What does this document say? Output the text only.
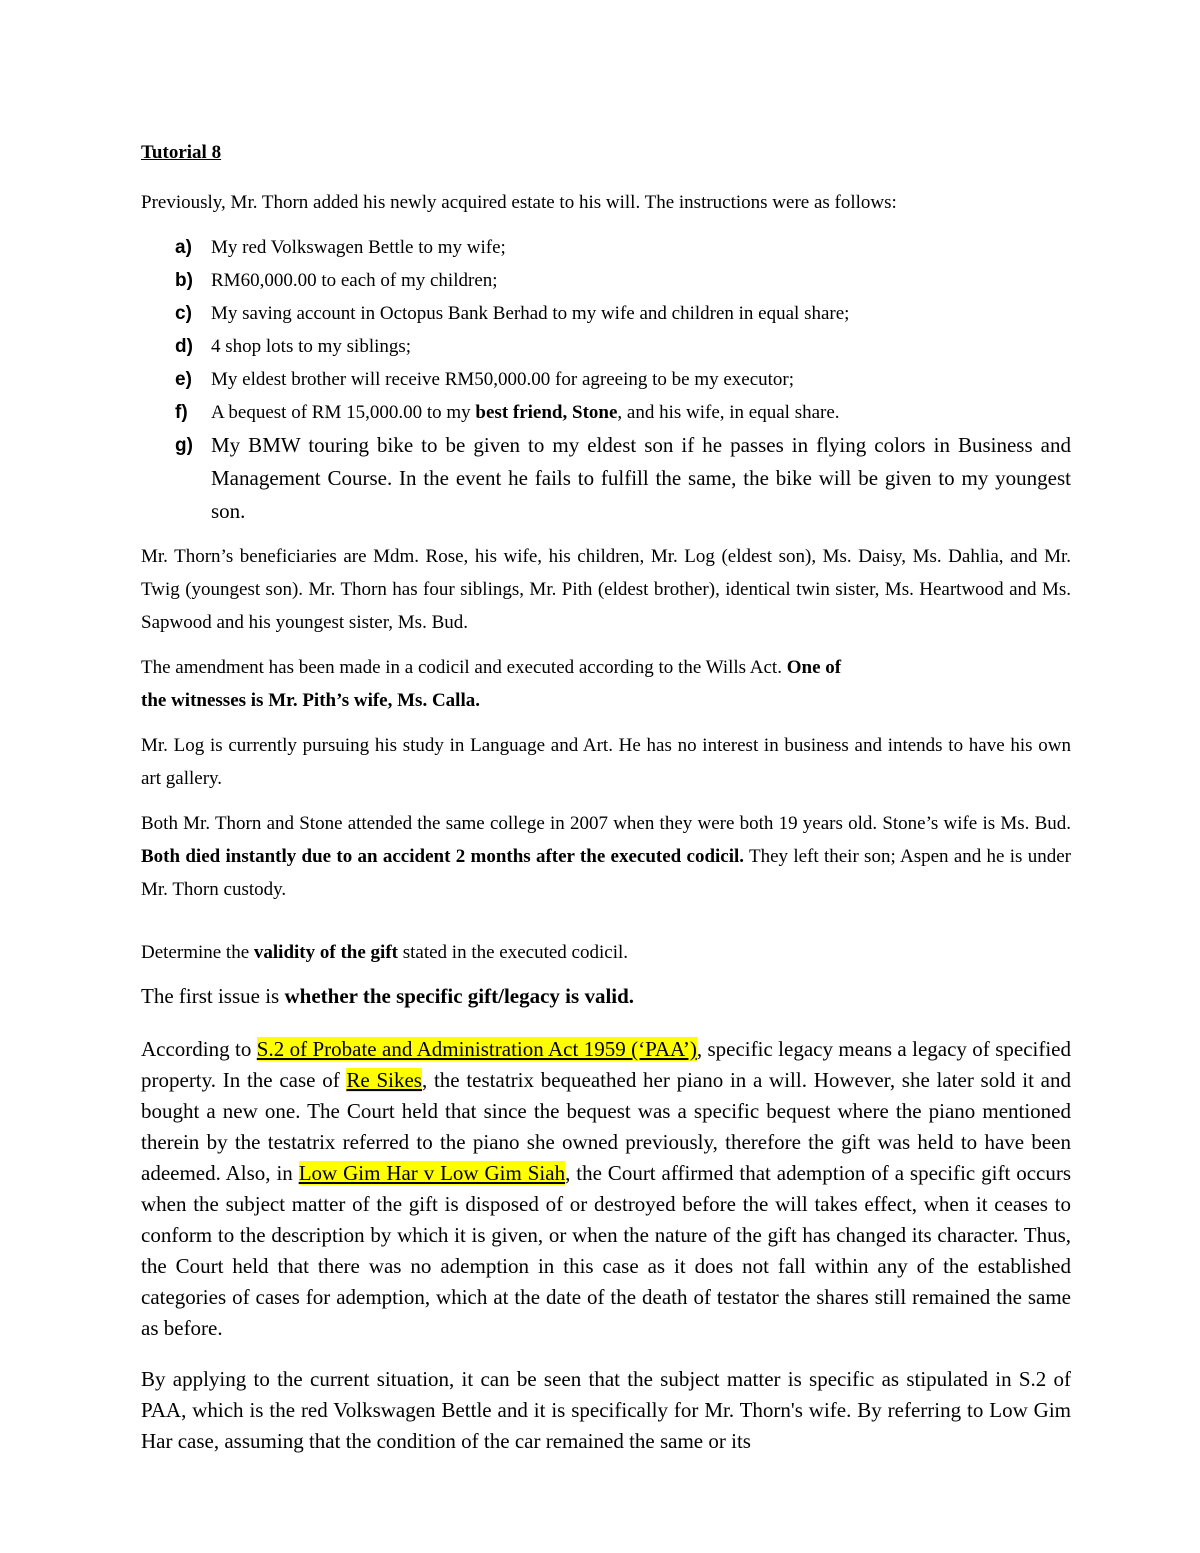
Tutorial 8

Previously, Mr. Thorn added his newly acquired estate to his will. The instructions were as follows:

a) My red Volkswagen Bettle to my wife;
b) RM60,000.00 to each of my children;
c) My saving account in Octopus Bank Berhad to my wife and children in equal share;
d) 4 shop lots to my siblings;
e) My eldest brother will receive RM50,000.00 for agreeing to be my executor;
f) A bequest of RM 15,000.00 to my best friend, Stone, and his wife, in equal share.
g) My BMW touring bike to be given to my eldest son if he passes in flying colors in Business and Management Course. In the event he fails to fulfill the same, the bike will be given to my youngest son.

Mr. Thorn’s beneficiaries are Mdm. Rose, his wife, his children, Mr. Log (eldest son), Ms. Daisy, Ms. Dahlia, and Mr. Twig (youngest son). Mr. Thorn has four siblings, Mr. Pith (eldest brother), identical twin sister, Ms. Heartwood and Ms. Sapwood and his youngest sister, Ms. Bud.

The amendment has been made in a codicil and executed according to the Wills Act. One of
the witnesses is Mr. Pith’s wife, Ms. Calla.

Mr. Log is currently pursuing his study in Language and Art. He has no interest in business and intends to have his own art gallery.

Both Mr. Thorn and Stone attended the same college in 2007 when they were both 19 years old. Stone’s wife is Ms. Bud. Both died instantly due to an accident 2 months after the executed codicil. They left their son; Aspen and he is under Mr. Thorn custody.

Determine the validity of the gift stated in the executed codicil.

The first issue is whether the specific gift/legacy is valid.

According to S.2 of Probate and Administration Act 1959 (‘PAA’), specific legacy means a legacy of specified property. In the case of Re Sikes, the testatrix bequeathed her piano in a will. However, she later sold it and bought a new one. The Court held that since the bequest was a specific bequest where the piano mentioned therein by the testatrix referred to the piano she owned previously, therefore the gift was held to have been adeemed. Also, in Low Gim Har v Low Gim Siah, the Court affirmed that ademption of a specific gift occurs when the subject matter of the gift is disposed of or destroyed before the will takes effect, when it ceases to conform to the description by which it is given, or when the nature of the gift has changed its character. Thus, the Court held that there was no ademption in this case as it does not fall within any of the established categories of cases for ademption, which at the date of the death of testator the shares still remained the same as before.

By applying to the current situation, it can be seen that the subject matter is specific as stipulated in S.2 of PAA, which is the red Volkswagen Bettle and it is specifically for Mr. Thorn's wife. By referring to Low Gim Har case, assuming that the condition of the car remained the same or its
